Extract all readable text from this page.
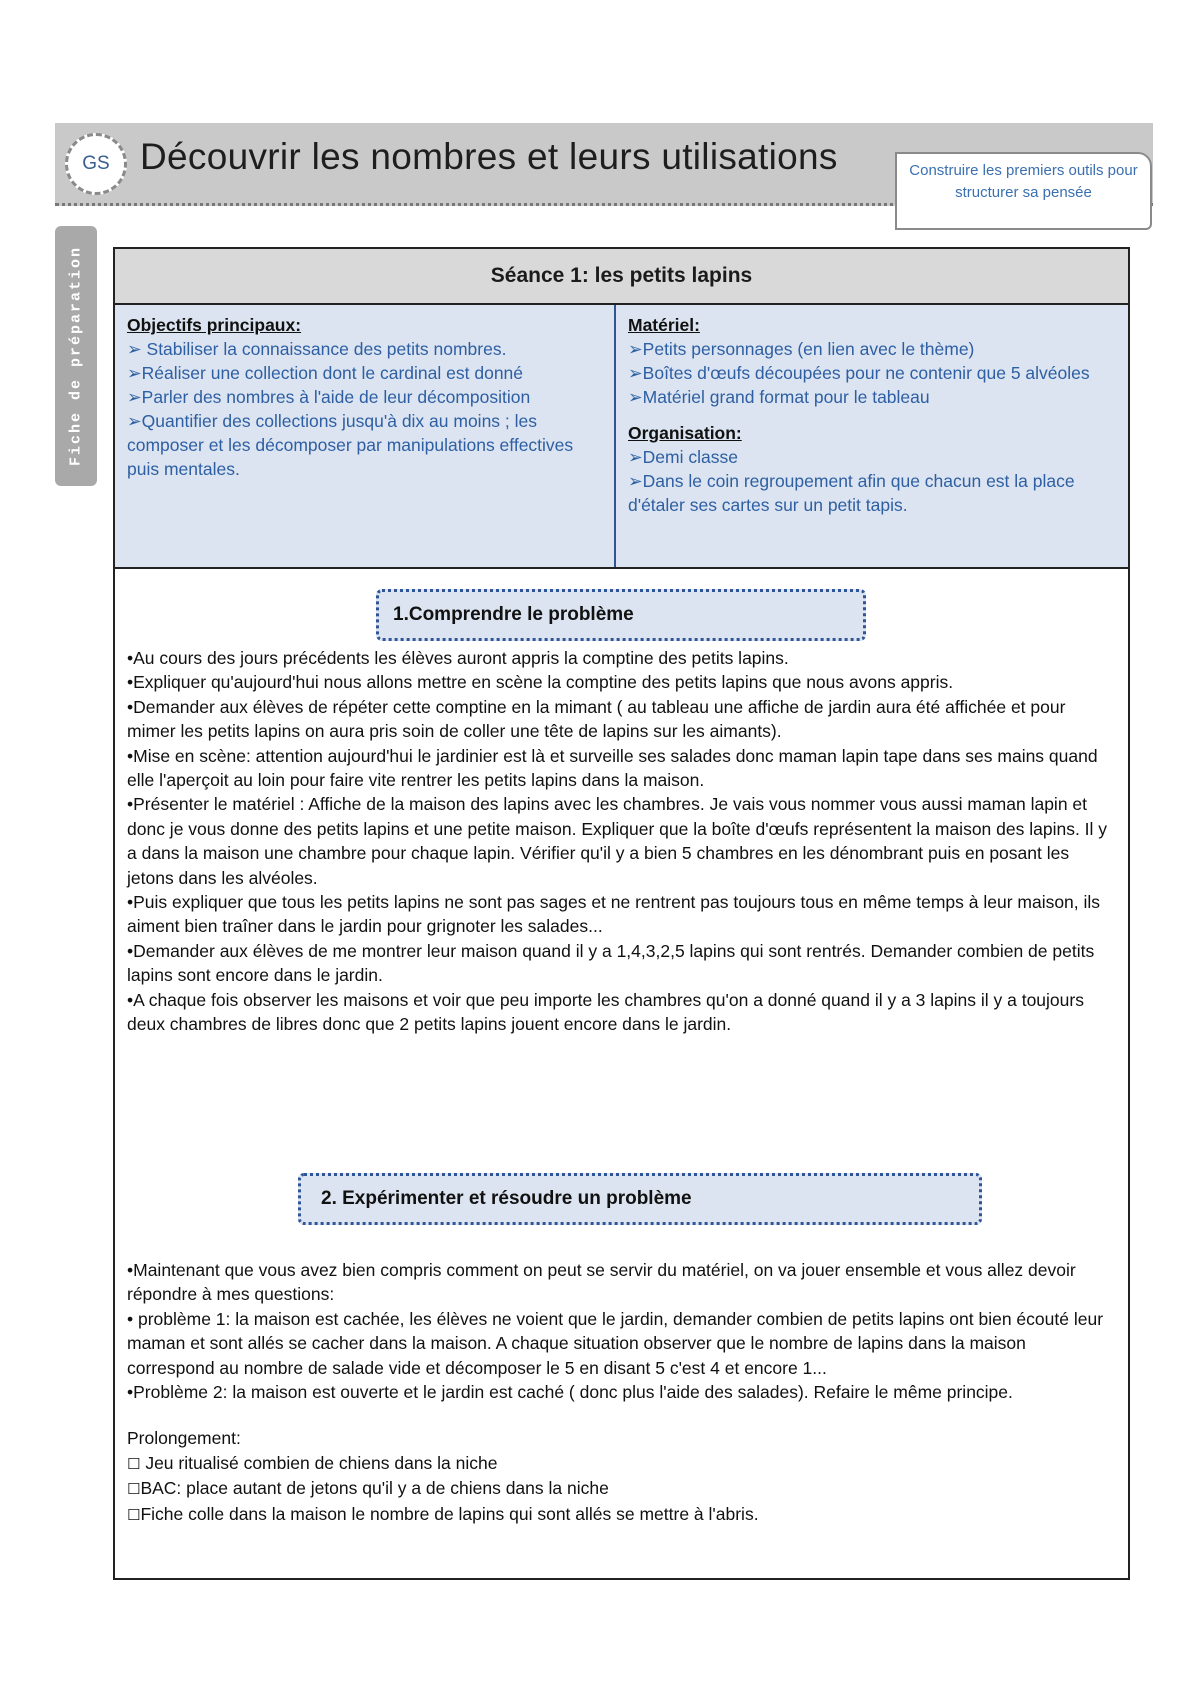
GS Découvrir les nombres et leurs utilisations	Construire les premiers outils pour structurer sa pensée
Fiche de préparation	Séance 1: les petits lapins
Objectifs principaux:
➢ Stabiliser la connaissance des petits nombres.
➢Réaliser une collection dont le cardinal est donné
➢Parler des nombres à l'aide de leur décomposition
➢Quantifier des collections jusqu'à dix au moins ; les composer et les décomposer par manipulations effectives puis mentales.
Matériel:
➢Petits personnages (en lien avec le thème)
➢Boîtes d'œufs découpées pour ne contenir que 5 alvéoles
➢Matériel grand format pour le tableau
Organisation:
➢Demi classe
➢Dans le coin regroupement afin que chacun est la place d'étaler ses cartes sur un petit tapis.
1.Comprendre le problème
•Au cours des jours précédents les élèves auront appris la comptine des petits lapins.
•Expliquer qu'aujourd'hui nous allons mettre en scène la comptine des petits lapins que nous avons appris.
•Demander aux élèves de répéter cette comptine en la mimant ( au tableau une affiche de jardin aura été affichée et pour mimer les petits lapins on aura pris soin de coller une tête de lapins sur les aimants).
•Mise en scène: attention aujourd'hui le jardinier est là et surveille ses salades donc maman lapin tape dans ses mains quand elle l'aperçoit au loin pour faire vite rentrer les petits lapins dans la maison.
•Présenter le matériel : Affiche de la maison des lapins avec les chambres. Je vais vous nommer vous aussi maman lapin et donc je vous donne des petits lapins et une petite maison. Expliquer que la boîte d'œufs représentent la maison des lapins. Il y a dans la maison une chambre pour chaque lapin. Vérifier qu'il y a bien 5 chambres en les dénombrant puis en posant les jetons dans les alvéoles.
•Puis expliquer que tous les petits lapins ne sont pas sages et ne rentrent pas toujours tous en même temps à leur maison, ils aiment bien traîner dans le jardin pour grignoter les salades...
•Demander aux élèves de me montrer leur maison quand il y a 1,4,3,2,5 lapins qui sont rentrés. Demander combien de petits lapins sont encore dans le jardin.
•A chaque fois observer les maisons et voir que peu importe les chambres qu'on a donné quand il y a 3 lapins il y a toujours deux chambres de libres donc que 2 petits lapins jouent encore dans le jardin.
2. Expérimenter et résoudre un problème
•Maintenant que vous avez bien compris comment on peut se servir du matériel, on va jouer ensemble et vous allez devoir répondre à mes questions:
• problème 1: la maison est cachée, les élèves ne voient que le jardin, demander combien de petits lapins ont bien écouté leur maman et sont allés se cacher dans la maison. A chaque situation observer que le nombre de lapins dans la maison correspond au nombre de salade vide et décomposer le 5 en disant 5 c'est 4 et encore 1...
•Problème 2: la maison est ouverte et le jardin est caché ( donc plus l'aide des salades). Refaire le même principe.
Prolongement:
☐ Jeu ritualisé combien de chiens dans la niche
☐BAC: place autant de jetons qu'il y a de chiens dans la niche
☐Fiche colle dans la maison le nombre de lapins qui sont allés se mettre à l'abris.
